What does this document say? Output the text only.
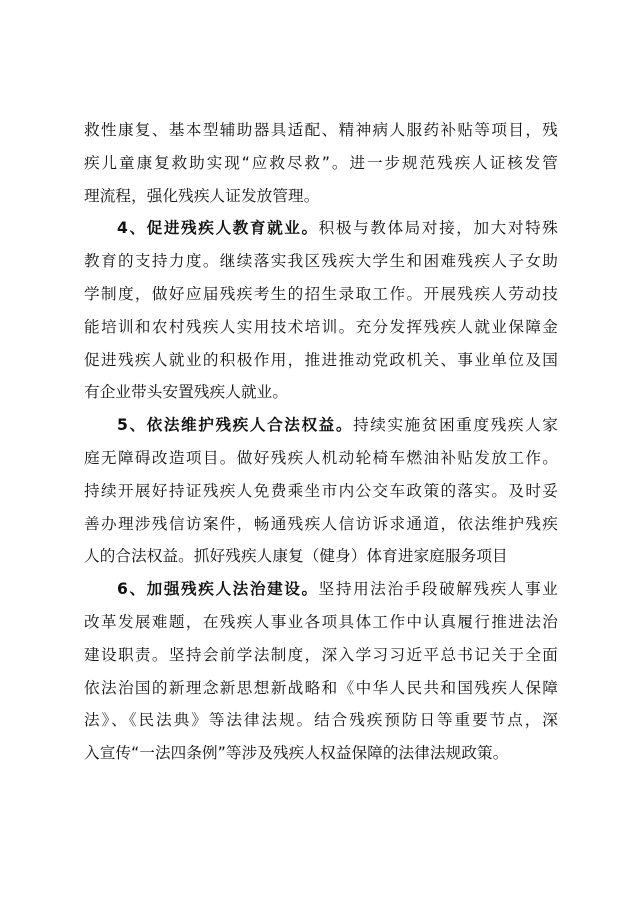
救性康复、基本型辅助器具适配、精神病人服药补贴等项目，残
疾儿童康复救助实现“应救尽救”。进一步规范残疾人证核发管
理流程，强化残疾人证发放管理。
4、促进残疾人教育就业。积极与教体局对接，加大对特殊
教育的支持力度。继续落实我区残疾大学生和困难残疾人子女助
学制度，做好应届残疾考生的招生录取工作。开展残疾人劳动技
能培训和农村残疾人实用技术培训。充分发挥残疾人就业保障金
促进残疾人就业的积极作用，推进推动党政机关、事业单位及国
有企业带头安置残疾人就业。
5、依法维护残疾人合法权益。持续实施贫困重度残疾人家
庭无障碍改造项目。做好残疾人机动轮椅车燃油补贴发放工作。
持续开展好持证残疾人免费乘坐市内公交车政策的落实。及时妥
善办理涉残信访案件，畅通残疾人信访诉求通道，依法维护残疾
人的合法权益。抓好残疾人康复（健身）体育进家庭服务项目
6、加强残疾人法治建设。坚持用法治手段破解残疾人事业
改革发展难题，在残疾人事业各项具体工作中认真履行推进法治
建设职责。坚持会前学法制度，深入学习习近平总书记关于全面
依法治国的新理念新思想新战略和《中华人民共和国残疾人保障
法》、《民法典》等法律法规。结合残疾预防日等重要节点，深
入宣传“一法四条例”等涉及残疾人权益保障的法律法规政策。
